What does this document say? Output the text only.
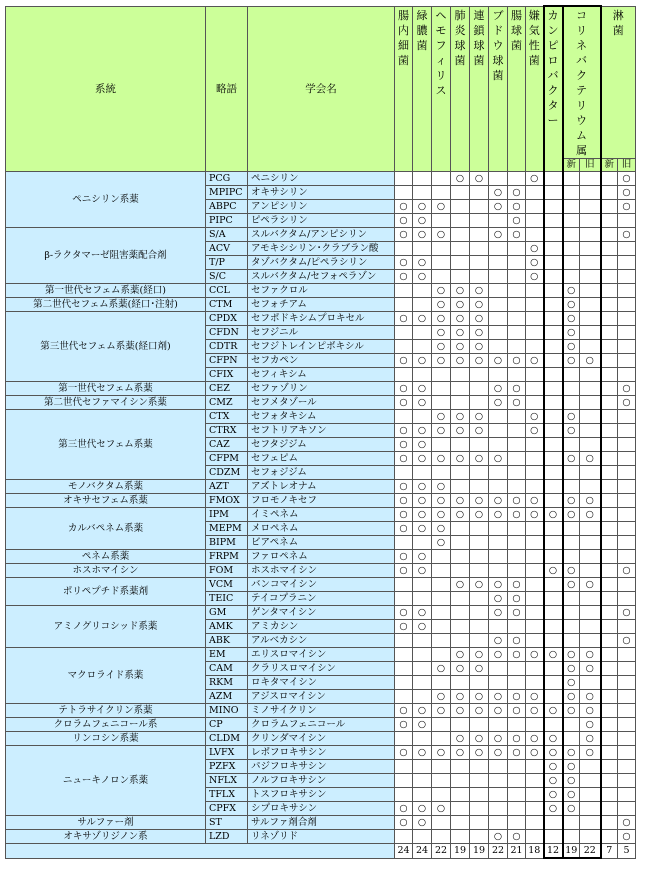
系統	略語	学会名	腸内細菌	緑膿菌	ヘモフィリス	肺炎球菌	連鎖球菌	ブドウ球菌	腸球菌	嫌気性菌	カンピロバクター	コリネバクテリウム属		淋菌	
												新	旧	新	旧
ペニシリン系薬	PCG	ペニシリン				○	○			○					○
	MPIPC	オキサシリン						○	○						○
	ABPC	アンピシリン	○	○	○			○	○						○
	PIPC	ピペラシリン	○	○					○						
β-ラクタマーゼ阻害薬配合剤	S/A	スルバクタム/アンピシリン	○	○	○			○	○						○
	ACV	アモキシシリン･クラブラン酸								○					
	T/P	タゾバクタム/ピペラシリン	○	○						○					
	S/C	スルバクタム/セフォペラゾン	○	○						○					
第一世代セフェム系薬(経口)	CCL	セファクロル			○	○	○					○			
第二世代セフェム系薬(経口･注射)	CTM	セフォチアム			○	○	○					○			
第三世代セフェム系薬(経口剤)	CPDX	セフポドキシムプロキセル	○	○	○	○	○					○			
	CFDN	セフジニル			○	○	○					○			
	CDTR	セフジトレインピボキシル			○	○	○					○			
	CFPN	セフカペン	○	○	○	○	○	○	○	○		○	○		
	CFIX	セフィキシム													
第一世代セフェム系薬	CEZ	セファゾリン	○	○				○	○						○
第二世代セファマイシン系薬	CMZ	セフメタゾール	○	○				○	○						○
第三世代セフェム系薬	CTX	セフォタキシム			○	○	○			○		○			
	CTRX	セフトリアキソン	○	○	○	○	○			○		○			
	CAZ	セフタジジム	○	○											
	CFPM	セフェピム	○	○	○	○	○	○				○	○		
	CDZM	セフォジジム													
モノバクタム系薬	AZT	アズトレオナム	○	○	○										
オキサセフェム系薬	FMOX	フロモノキセフ	○	○	○	○	○	○	○	○		○	○		
カルバペネム系薬	IPM	イミペネム	○	○	○	○	○	○	○	○	○	○	○		
	MEPM	メロペネム	○	○	○										
	BIPM	ビアペネム			○										
ペネム系薬	FRPM	ファロペネム	○	○											
ホスホマイシン	FOM	ホスホマイシン	○	○							○	○			○
ポリペプチド系薬剤	VCM	バンコマイシン				○	○	○	○			○	○		
	TEIC	テイコプラニン						○	○						
アミノグリコシッド系薬	GM	ゲンタマイシン	○	○				○	○						○
	AMK	アミカシン	○	○											
	ABK	アルベカシン						○	○						○
マクロライド系薬	EM	エリスロマイシン				○	○	○	○	○	○	○	○		
	CAM	クラリスロマイシン			○	○	○					○	○		
	RKM	ロキタマイシン										○			
	AZM	アジスロマイシン			○	○	○	○	○	○		○	○		
テトラサイクリン系薬	MINO	ミノサイクリン	○	○	○	○	○	○	○	○	○	○	○		
クロラムフェニコール系	CP	クロラムフェニコール	○	○									○		
リンコシン系薬	CLDM	クリンダマイシン				○	○	○	○	○	○		○		
ニューキノロン系薬	LVFX	レボフロキサシン	○	○	○	○	○	○	○	○	○	○	○		
	PZFX	パジフロキサシン									○	○			
	NFLX	ノルフロキサシン									○	○			
	TFLX	トスフロキサシン									○	○			
	CPFX	シプロキサシン	○	○	○						○	○			
サルファー剤	ST	サルファ剤合剤	○	○											○
オキサゾリジノン系	LZD	リネゾリド						○	○						○
			24	24	22	19	19	22	21	18	12	19	22	7	5
